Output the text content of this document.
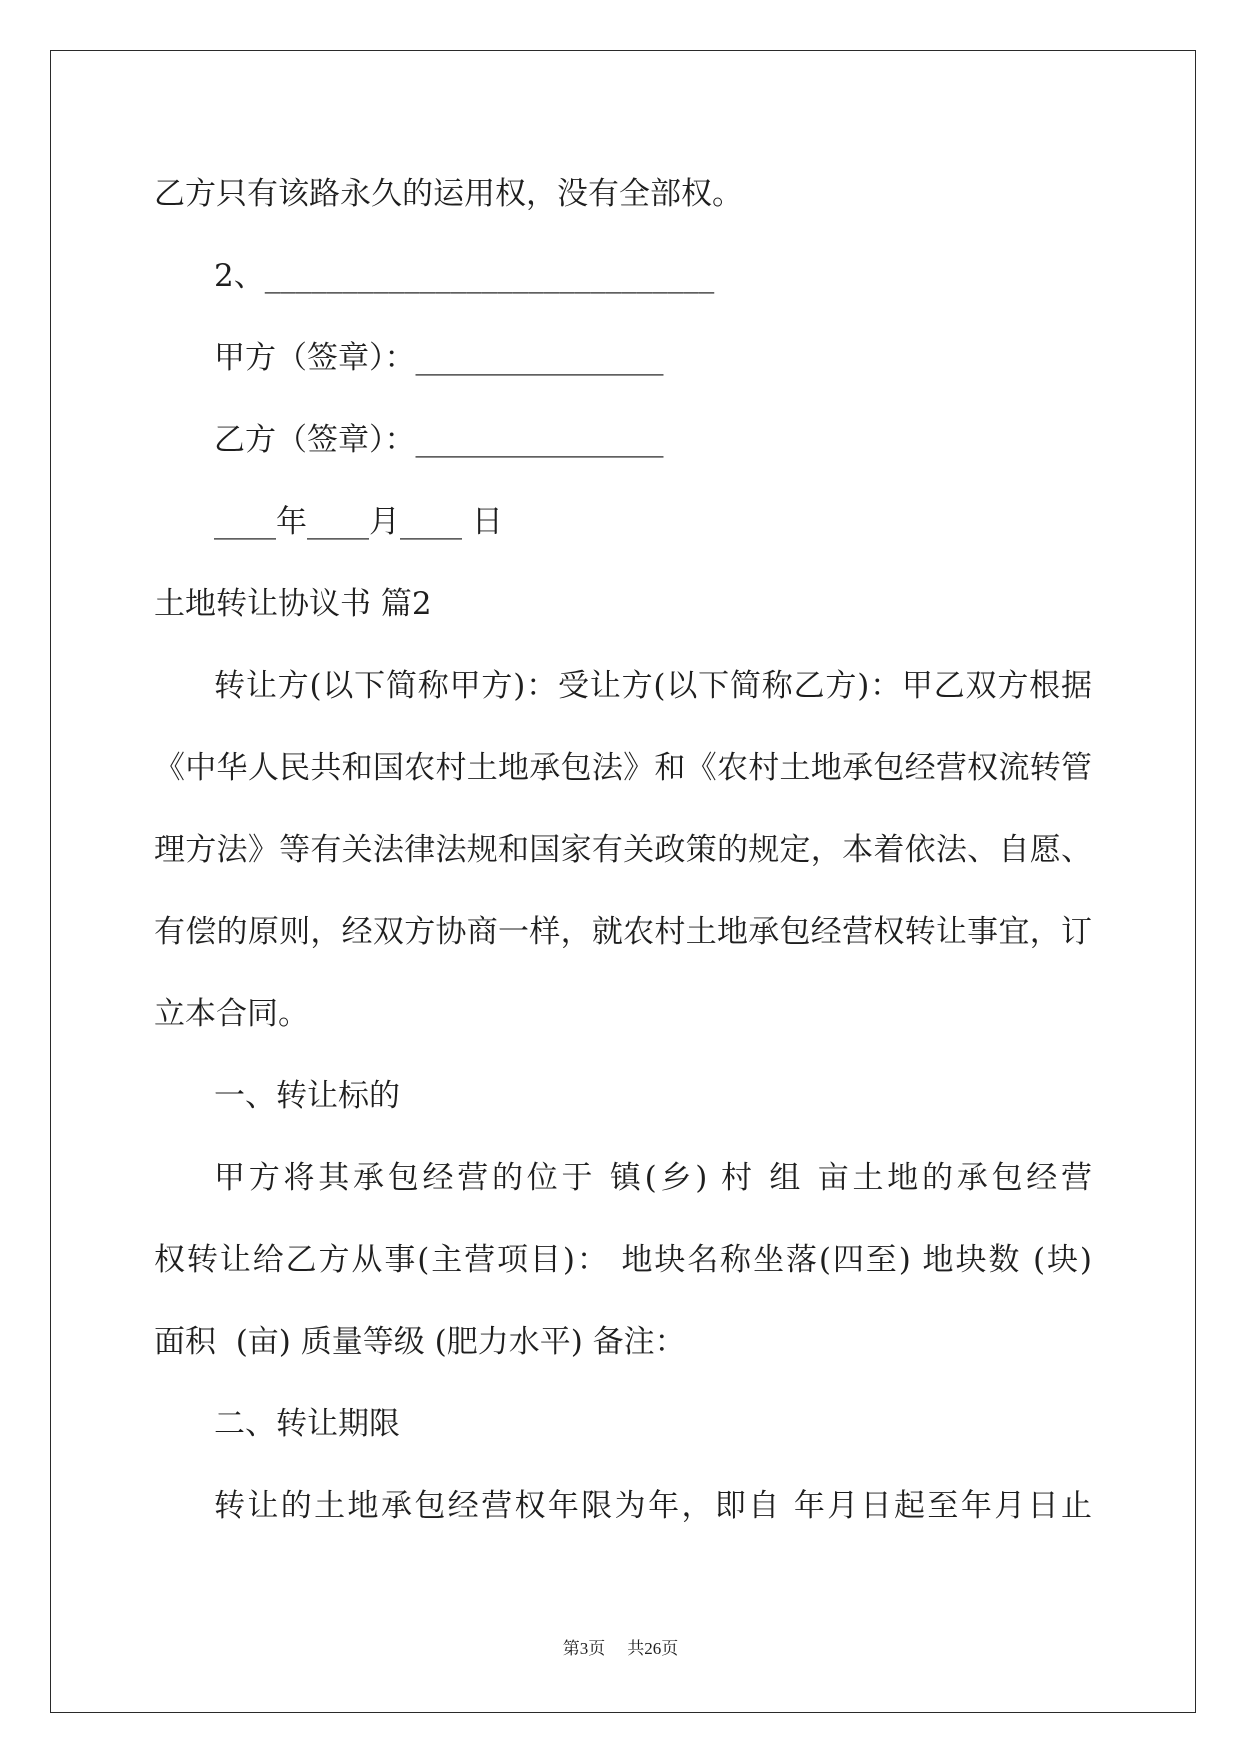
乙方只有该路永久的运用权，没有全部权。
2、_____________________________
甲方（签章）：________________
乙方（签章）：________________
____年____月____ 日
土地转让协议书 篇2
转让方(以下简称甲方)：受让方(以下简称乙方)：甲乙双方根据
《中华人民共和国农村土地承包法》和《农村土地承包经营权流转管
理方法》等有关法律法规和国家有关政策的规定，本着依法、自愿、
有偿的原则，经双方协商一样，就农村土地承包经营权转让事宜，订
立本合同。
一、转让标的
甲方将其承包经营的位于 镇(乡) 村 组 亩土地的承包经营
权转让给乙方从事(主营项目)： 地块名称坐落(四至) 地块数 (块)
面积  (亩) 质量等级 (肥力水平) 备注：
二、转让期限
转让的土地承包经营权年限为年，即自 年月日起至年月日止
第3页 共26页
